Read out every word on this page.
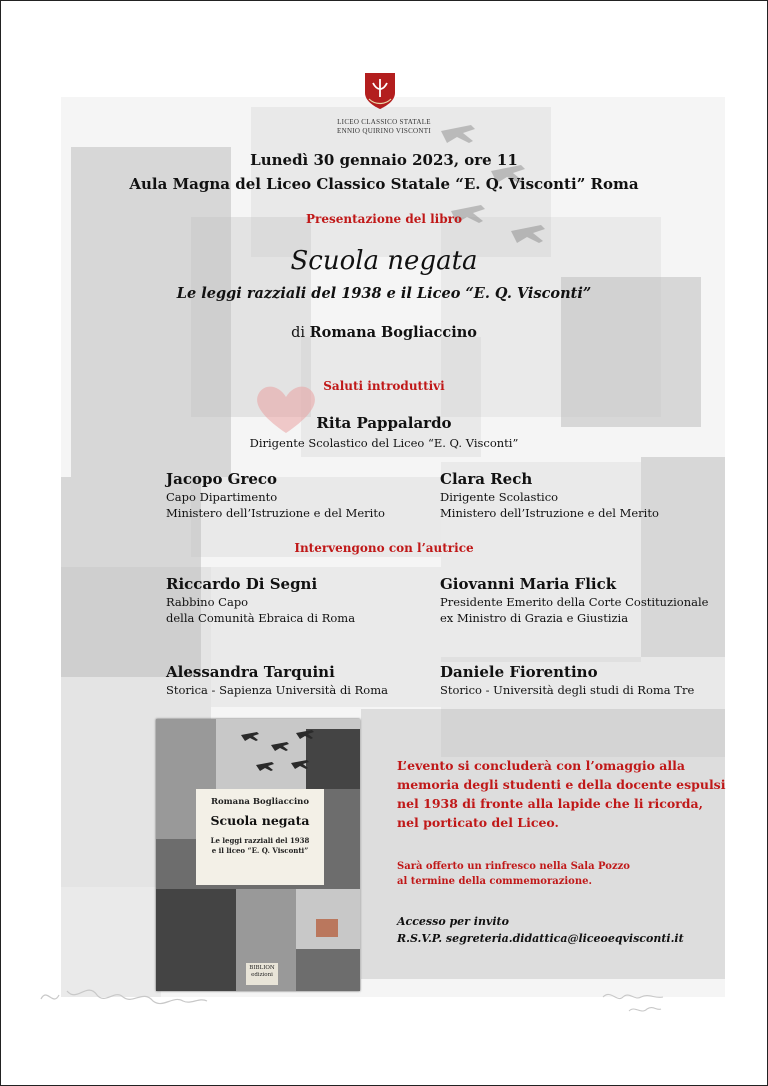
LICEO CLASSICO STATALE
ENNIO QUIRINO VISCONTI
Lunedì 30 gennaio 2023, ore 11
Aula Magna del Liceo Classico Statale “E. Q. Visconti” Roma
Presentazione del libro
Scuola negata
Le leggi razziali del 1938 e il Liceo “E. Q. Visconti”
di Romana Bogliaccino
Saluti introduttivi
Rita Pappalardo
Dirigente Scolastico del Liceo “E. Q. Visconti”
Jacopo Greco
Capo Dipartimento
Ministero dell’Istruzione e del Merito
Clara Rech
Dirigente Scolastico
Ministero dell’Istruzione e del Merito
Intervengono con l’autrice
Riccardo Di Segni
Rabbino Capo
della Comunità Ebraica di Roma
Giovanni Maria Flick
Presidente Emerito della Corte Costituzionale
ex Ministro di Grazia e Giustizia
Alessandra Tarquini
Storica - Sapienza Università di Roma
Daniele Fiorentino
Storico - Università degli studi di Roma Tre
Romana Bogliaccino
Scuola negata
Le leggi razziali del 1938
e il liceo “E. Q. Visconti”
BIBLION
edizioni
L’evento si concluderà con l’omaggio alla memoria degli studenti e della docente espulsi nel 1938 di fronte alla lapide che li ricorda, nel porticato del Liceo.
Sarà offerto un rinfresco nella Sala Pozzo
al termine della commemorazione.
Accesso per invito
R.S.V.P. segreteria.didattica@liceoeqvisconti.it
